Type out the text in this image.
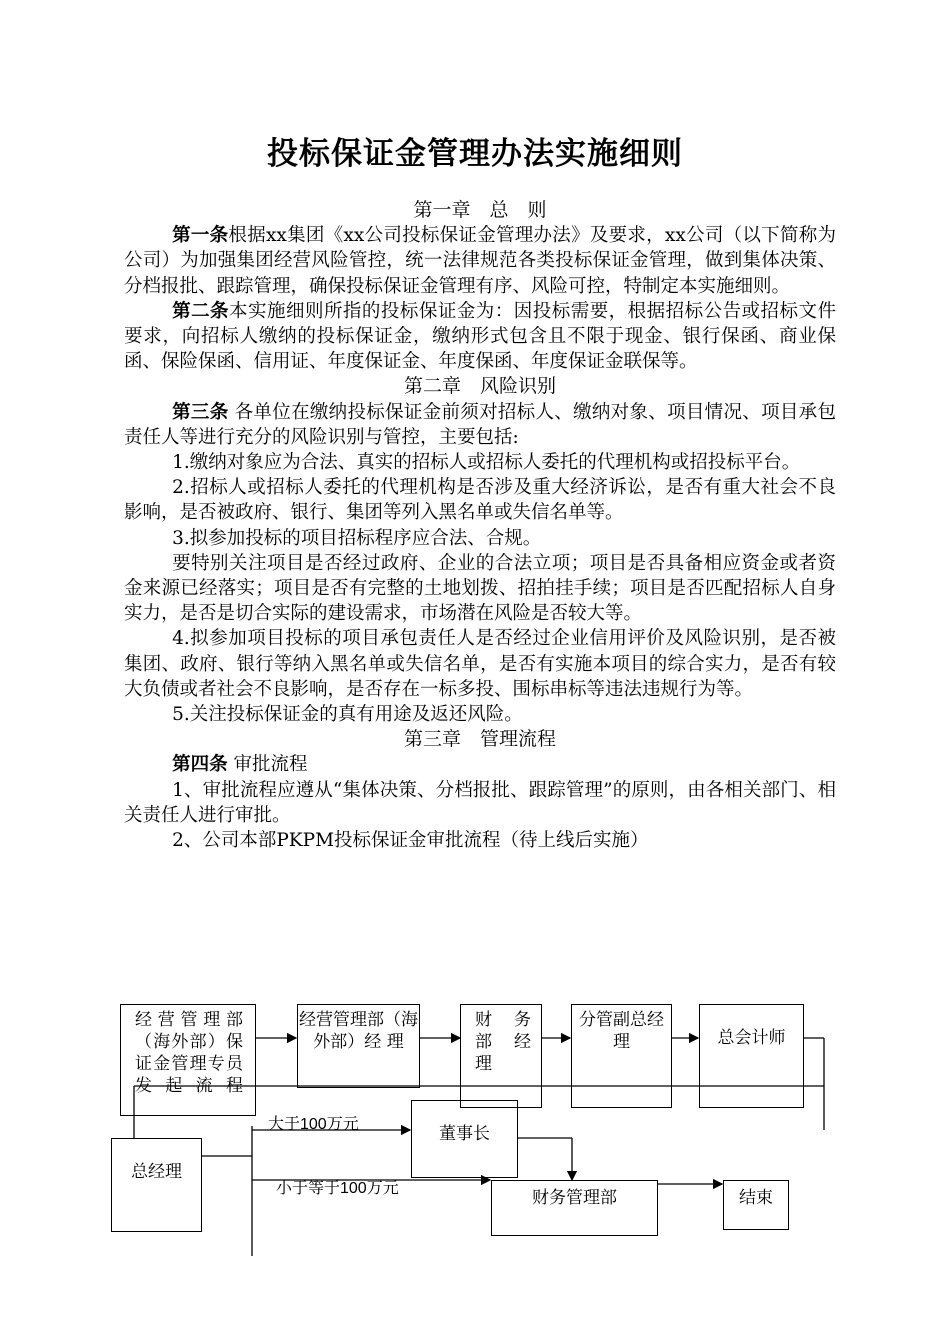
投标保证金管理办法实施细则
第一章　总　则

第一条根据xx集团《xx公司投标保证金管理办法》及要求，xx公司（以下简称为公司）为加强集团经营风险管控，统一法律规范各类投标保证金管理，做到集体决策、分档报批、跟踪管理，确保投标保证金管理有序、风险可控，特制定本实施细则。

第二条本实施细则所指的投标保证金为：因投标需要，根据招标公告或招标文件要求，向招标人缴纳的投标保证金，缴纳形式包含且不限于现金、银行保函、商业保函、保险保函、信用证、年度保证金、年度保函、年度保证金联保等。

第二章　风险识别

第三条 各单位在缴纳投标保证金前须对招标人、缴纳对象、项目情况、项目承包责任人等进行充分的风险识别与管控，主要包括:

1.缴纳对象应为合法、真实的招标人或招标人委托的代理机构或招投标平台。

2.招标人或招标人委托的代理机构是否涉及重大经济诉讼，是否有重大社会不良影响，是否被政府、银行、集团等列入黑名单或失信名单等。

3.拟参加投标的项目招标程序应合法、合规。

要特别关注项目是否经过政府、企业的合法立项；项目是否具备相应资金或者资金来源已经落实；项目是否有完整的土地划拨、招拍挂手续；项目是否匹配招标人自身实力，是否是切合实际的建设需求，市场潜在风险是否较大等。

4.拟参加项目投标的项目承包责任人是否经过企业信用评价及风险识别，是否被集团、政府、银行等纳入黑名单或失信名单，是否有实施本项目的综合实力，是否有较大负债或者社会不良影响，是否存在一标多投、围标串标等违法违规行为等。

5.关注投标保证金的真有用途及返还风险。

第三章　管理流程

第四条 审批流程

1、审批流程应遵从“集体决策、分档报批、跟踪管理”的原则，由各相关部门、相关责任人进行审批。

2、公司本部PKPM投标保证金审批流程（待上线后实施）

经营管理部（海外部）保证金管理专员发起流程
经营管理部（海外部）经 理
财　务部　经理
分管副总经理	总会计师
总经理
董事长
财务管理部	结束
大于100万元
小于等于100万元
